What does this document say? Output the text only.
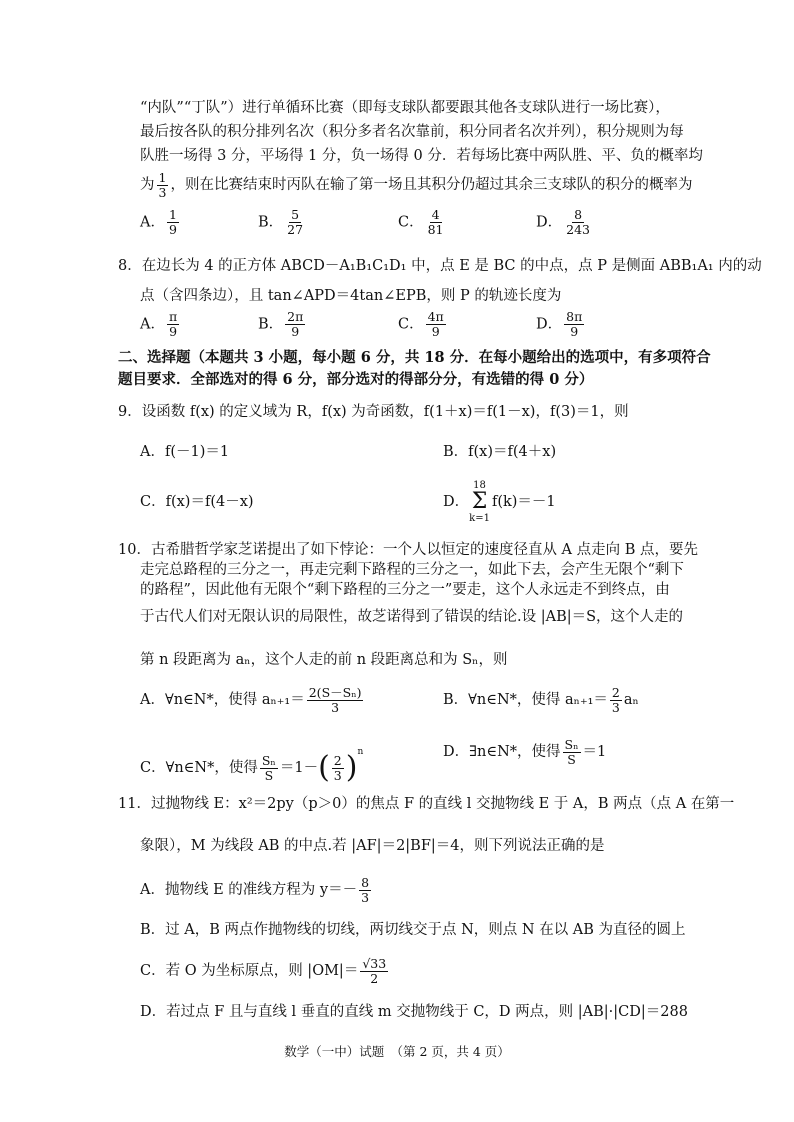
“内队”“丁队”）进行单循环比赛（即每支球队都要跟其他各支球队进行一场比赛），
最后按各队的积分排列名次（积分多者名次靠前，积分同者名次并列），积分规则为每
队胜一场得 3 分，平场得 1 分，负一场得 0 分．若每场比赛中两队胜、平、负的概率均
为 $\frac{1}{3}$ ，则在比赛结束时丙队在输了第一场且其积分仍超过其余三支球队的积分的概率为
A． $\frac{1}{9}$	B． $\frac{5}{27}$	C． $\frac{4}{81}$	D． $\frac{8}{243}$
8．在边长为 4 的正方体 ABCD－A₁B₁C₁D₁ 中，点 E 是 BC 的中点，点 P 是侧面 ABB₁A₁ 内的动
点（含四条边），且 tan∠APD＝4tan∠EPB，则 P 的轨迹长度为
A． $\frac{\pi}{9}$	B． $\frac{2\pi}{9}$	C． $\frac{4\pi}{9}$	D． $\frac{8\pi}{9}$
二、选择题（本题共 3 小题，每小题 6 分，共 18 分．在每小题给出的选项中，有多项符合
题目要求．全部选对的得 6 分，部分选对的得部分分，有选错的得 0 分）
9．设函数 f(x) 的定义域为 R，f(x) 为奇函数，f(1＋x)＝f(1－x)，f(3)＝1，则
A．f(－1)＝1	B．f(x)＝f(4＋x)
C．f(x)＝f(4－x)	D．
18
Σ
k=1
f(k)＝－1
10．古希腊哲学家芝诺提出了如下悖论：一个人以恒定的速度径直从 A 点走向 B 点，要先
走完总路程的三分之一，再走完剩下路程的三分之一，如此下去，会产生无限个“剩下
的路程”，因此他有无限个“剩下路程的三分之一”要走，这个人永远走不到终点，由
于古代人们对无限认识的局限性，故芝诺得到了错误的结论.设 |AB|＝S，这个人走的
第 n 段距离为 aₙ，这个人走的前 n 段距离总和为 Sₙ，则
A．∀n∈N*，使得 $a_{n+1}= \frac{\text{2(S－Sₙ)}}{3}$	B．∀n∈N*，使得 $a_{n+1}= \frac{2}{3}$ aₙ
C．∀n∈N*，使得 $\frac{\text{Sₙ}}{S} =1-( \frac{2}{3} )^n$	D．∃n∈N*，使得 $\frac{\text{Sₙ}}{S} =1$
11．过抛物线 E：x²＝2py（p＞0）的焦点 F 的直线 l 交抛物线 E 于 A，B 两点（点 A 在第一
象限），M 为线段 AB 的中点.若 |AF|＝2|BF|＝4，则下列说法正确的是
A．抛物线 E 的准线方程为 $y=- \frac{8}{3}$
B．过 A，B 两点作抛物线的切线，两切线交于点 N，则点 N 在以 AB 为直径的圆上
C．若 O 为坐标原点，则 $|OM|= \frac{√33}{2}$
D．若过点 F 且与直线 l 垂直的直线 m 交抛物线于 C，D 两点，则 |AB|·|CD|＝288
数学（一中）试题　（第 2 页，共 4 页）
